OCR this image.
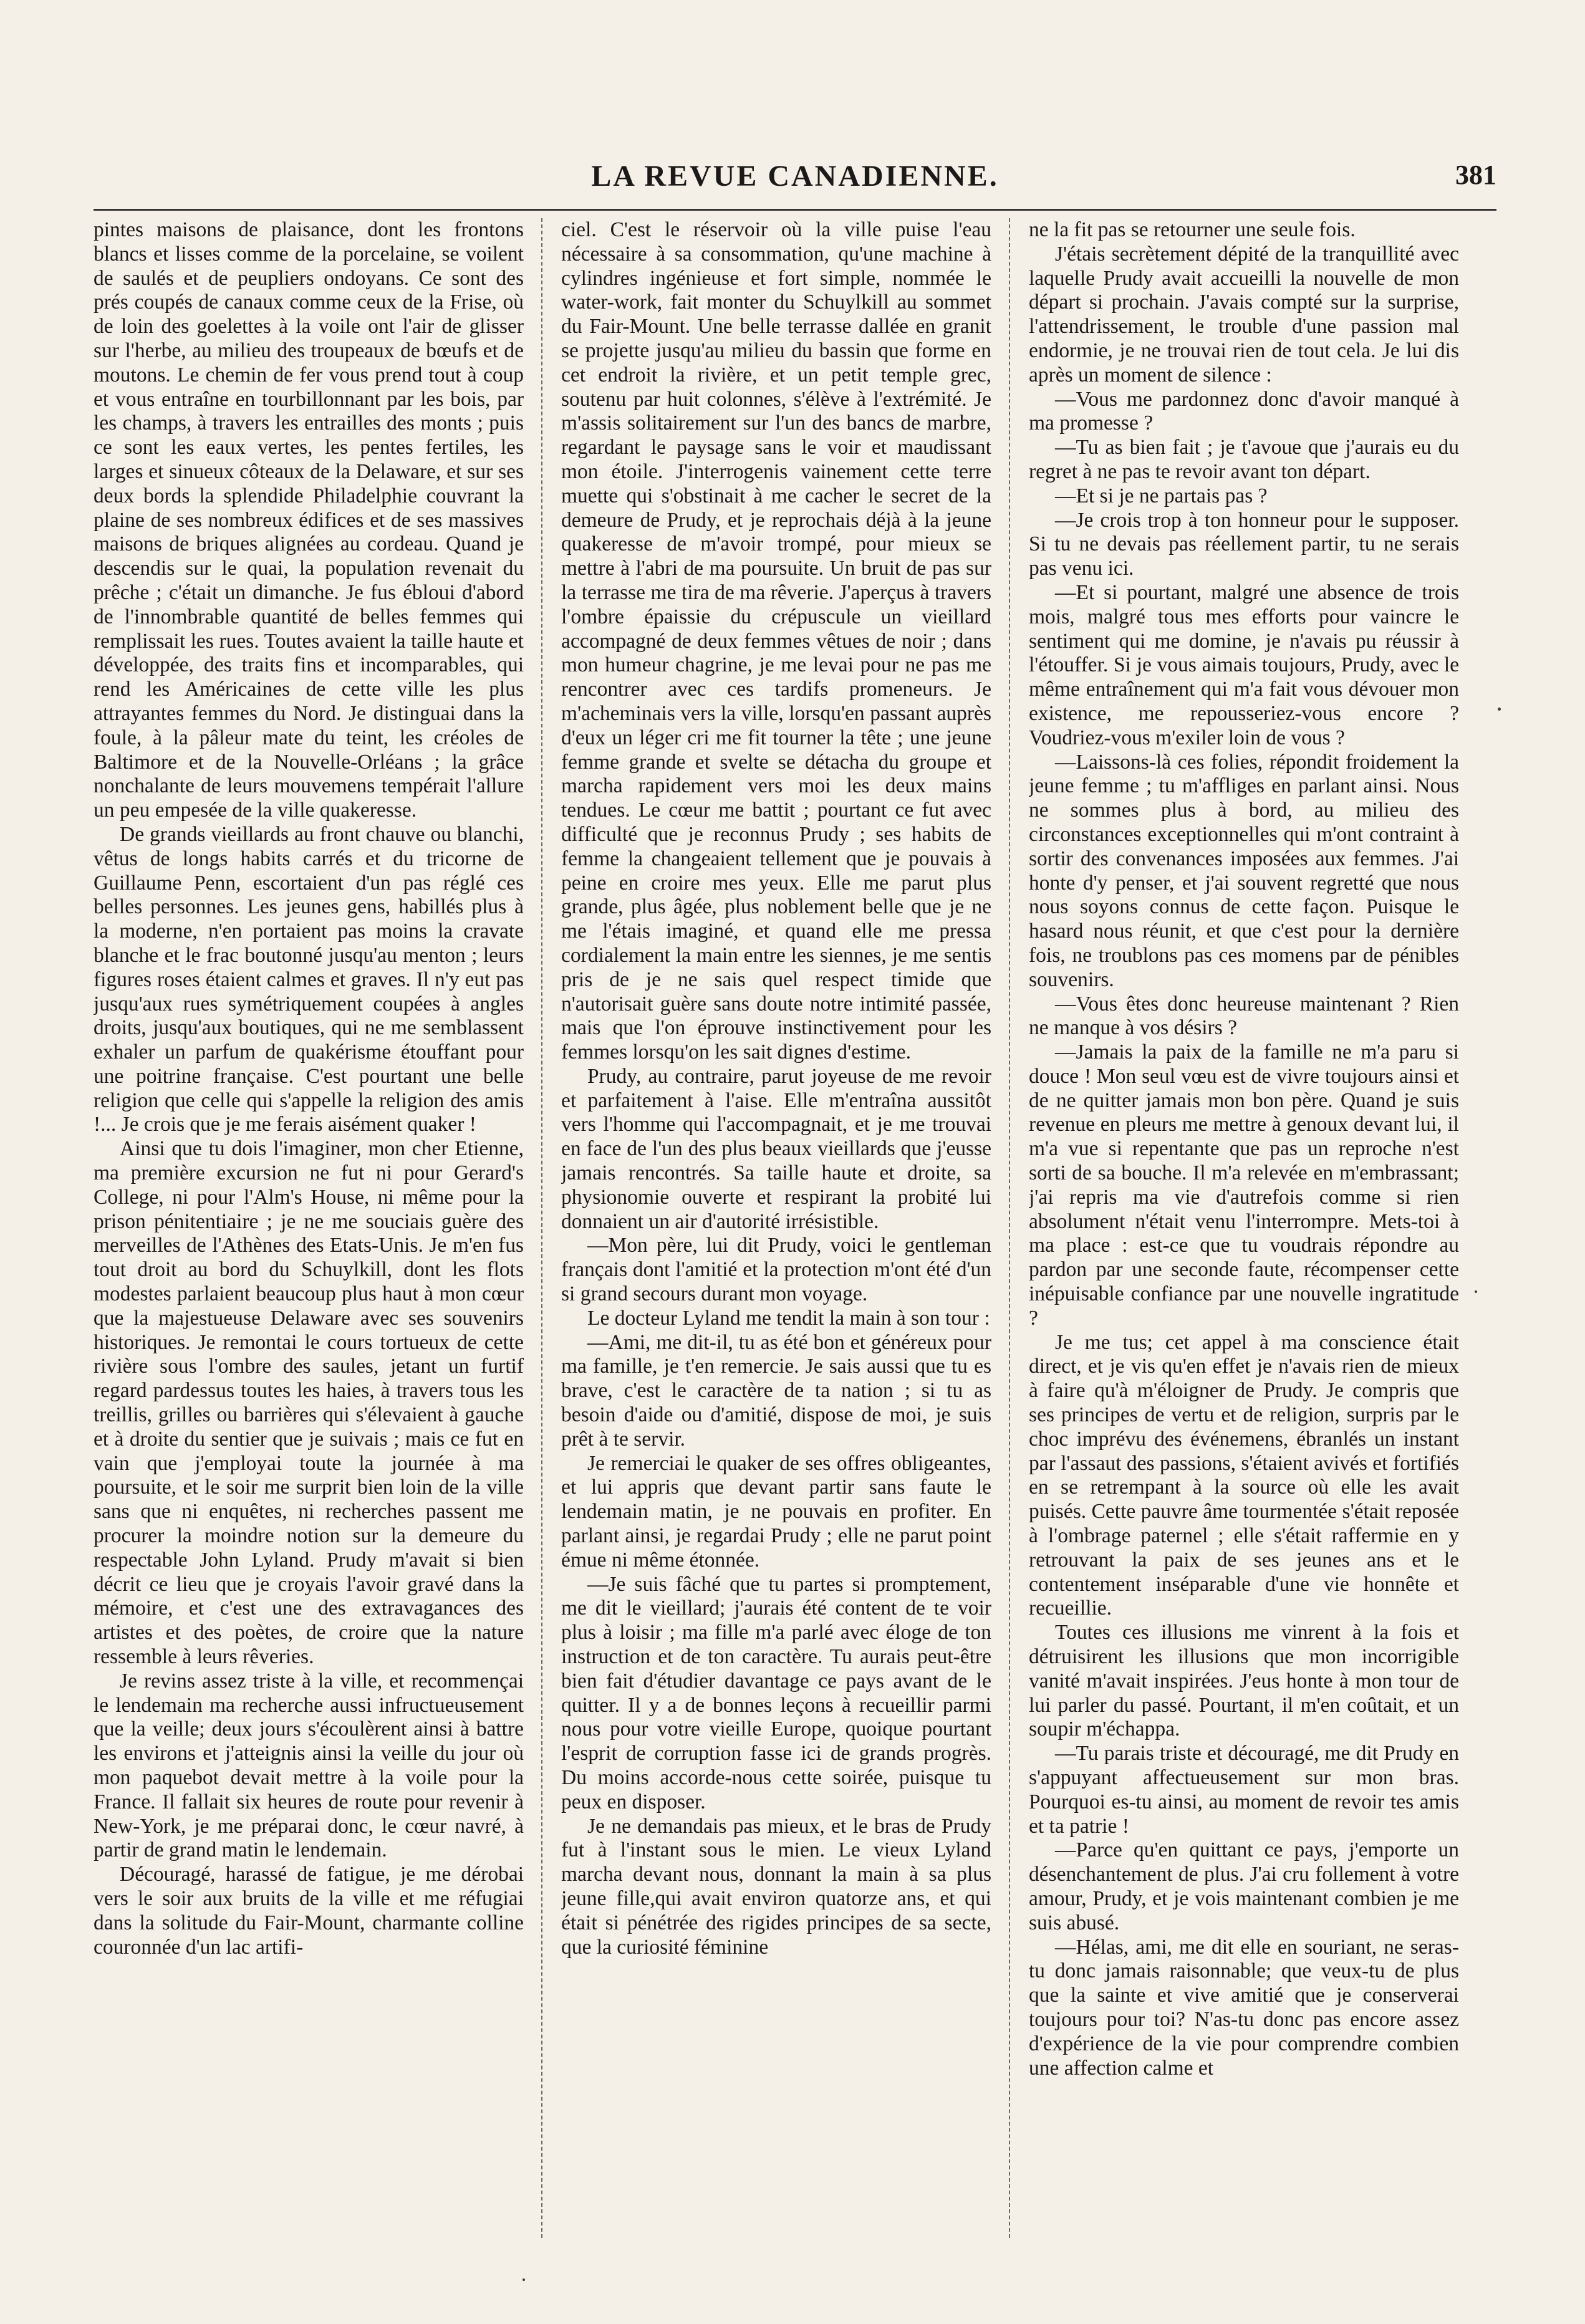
LA REVUE CANADIENNE.	381

pintes maisons de plaisance, dont les frontons blancs et lisses comme de la porcelaine, se voilent de saulés et de peupliers ondoyans. Ce sont des prés coupés de canaux comme ceux de la Frise, où de loin des goelettes à la voile ont l'air de glisser sur l'herbe, au milieu des troupeaux de bœufs et de moutons. Le chemin de fer vous prend tout à coup et vous entraîne en tourbillonnant par les bois, par les champs, à travers les entrailles des monts ; puis ce sont les eaux vertes, les pentes fertiles, les larges et sinueux côteaux de la Delaware, et sur ses deux bords la splendide Philadelphie couvrant la plaine de ses nombreux édifices et de ses massives maisons de briques alignées au cordeau. Quand je descendis sur le quai, la population revenait du prêche ; c'était un dimanche. Je fus ébloui d'abord de l'innombrable quantité de belles femmes qui remplissait les rues. Toutes avaient la taille haute et développée, des traits fins et incomparables, qui rend les Américaines de cette ville les plus attrayantes femmes du Nord. Je distinguai dans la foule, à la pâleur mate du teint, les créoles de Baltimore et de la Nouvelle-Orléans ; la grâce nonchalante de leurs mouvemens tempérait l'allure un peu empesée de la ville quakeresse.

De grands vieillards au front chauve ou blanchi, vêtus de longs habits carrés et du tricorne de Guillaume Penn, escortaient d'un pas réglé ces belles personnes. Les jeunes gens, habillés plus à la moderne, n'en portaient pas moins la cravate blanche et le frac boutonné jusqu'au menton ; leurs figures roses étaient calmes et graves. Il n'y eut pas jusqu'aux rues symétriquement coupées à angles droits, jusqu'aux boutiques, qui ne me semblassent exhaler un parfum de quakérisme étouffant pour une poitrine française. C'est pourtant une belle religion que celle qui s'appelle la religion des amis !... Je crois que je me ferais aisément quaker !

Ainsi que tu dois l'imaginer, mon cher Etienne, ma première excursion ne fut ni pour Gerard's College, ni pour l'Alm's House, ni même pour la prison pénitentiaire ; je ne me souciais guère des merveilles de l'Athènes des Etats-Unis. Je m'en fus tout droit au bord du Schuylkill, dont les flots modestes parlaient beaucoup plus haut à mon cœur que la majestueuse Delaware avec ses souvenirs historiques. Je remontai le cours tortueux de cette rivière sous l'ombre des saules, jetant un furtif regard pardessus toutes les haies, à travers tous les treillis, grilles ou barrières qui s'élevaient à gauche et à droite du sentier que je suivais ; mais ce fut en vain que j'employai toute la journée à ma poursuite, et le soir me surprit bien loin de la ville sans que ni enquêtes, ni recherches passent me procurer la moindre notion sur la demeure du respectable John Lyland. Prudy m'avait si bien décrit ce lieu que je croyais l'avoir gravé dans la mémoire, et c'est une des extravagances des artistes et des poètes, de croire que la nature ressemble à leurs rêveries.

Je revins assez triste à la ville, et recommençai le lendemain ma recherche aussi infructueusement que la veille; deux jours s'écoulèrent ainsi à battre les environs et j'atteignis ainsi la veille du jour où mon paquebot devait mettre à la voile pour la France. Il fallait six heures de route pour revenir à New-York, je me préparai donc, le cœur navré, à partir de grand matin le lendemain.

Découragé, harassé de fatigue, je me dérobai vers le soir aux bruits de la ville et me réfugiai dans la solitude du Fair-Mount, charmante colline couronnée d'un lac artifi-

ciel. C'est le réservoir où la ville puise l'eau nécessaire à sa consommation, qu'une machine à cylindres ingénieuse et fort simple, nommée le water-work, fait monter du Schuylkill au sommet du Fair-Mount. Une belle terrasse dallée en granit se projette jusqu'au milieu du bassin que forme en cet endroit la rivière, et un petit temple grec, soutenu par huit colonnes, s'élève à l'extrémité. Je m'assis solitairement sur l'un des bancs de marbre, regardant le paysage sans le voir et maudissant mon étoile. J'interrogenis vainement cette terre muette qui s'obstinait à me cacher le secret de la demeure de Prudy, et je reprochais déjà à la jeune quakeresse de m'avoir trompé, pour mieux se mettre à l'abri de ma poursuite. Un bruit de pas sur la terrasse me tira de ma rêverie. J'aperçus à travers l'ombre épaissie du crépuscule un vieillard accompagné de deux femmes vêtues de noir ; dans mon humeur chagrine, je me levai pour ne pas me rencontrer avec ces tardifs promeneurs. Je m'acheminais vers la ville, lorsqu'en passant auprès d'eux un léger cri me fit tourner la tête ; une jeune femme grande et svelte se détacha du groupe et marcha rapidement vers moi les deux mains tendues. Le cœur me battit ; pourtant ce fut avec difficulté que je reconnus Prudy ; ses habits de femme la changeaient tellement que je pouvais à peine en croire mes yeux. Elle me parut plus grande, plus âgée, plus noblement belle que je ne me l'étais imaginé, et quand elle me pressa cordialement la main entre les siennes, je me sentis pris de je ne sais quel respect timide que n'autorisait guère sans doute notre intimité passée, mais que l'on éprouve instinctivement pour les femmes lorsqu'on les sait dignes d'estime.

Prudy, au contraire, parut joyeuse de me revoir et parfaitement à l'aise. Elle m'entraîna aussitôt vers l'homme qui l'accompagnait, et je me trouvai en face de l'un des plus beaux vieillards que j'eusse jamais rencontrés. Sa taille haute et droite, sa physionomie ouverte et respirant la probité lui donnaient un air d'autorité irrésistible.

—Mon père, lui dit Prudy, voici le gentleman français dont l'amitié et la protection m'ont été d'un si grand secours durant mon voyage.

Le docteur Lyland me tendit la main à son tour :

—Ami, me dit-il, tu as été bon et généreux pour ma famille, je t'en remercie. Je sais aussi que tu es brave, c'est le caractère de ta nation ; si tu as besoin d'aide ou d'amitié, dispose de moi, je suis prêt à te servir.

Je remerciai le quaker de ses offres obligeantes, et lui appris que devant partir sans faute le lendemain matin, je ne pouvais en profiter. En parlant ainsi, je regardai Prudy ; elle ne parut point émue ni même étonnée.

—Je suis fâché que tu partes si promptement, me dit le vieillard; j'aurais été content de te voir plus à loisir ; ma fille m'a parlé avec éloge de ton instruction et de ton caractère. Tu aurais peut-être bien fait d'étudier davantage ce pays avant de le quitter. Il y a de bonnes leçons à recueillir parmi nous pour votre vieille Europe, quoique pourtant l'esprit de corruption fasse ici de grands progrès. Du moins accorde-nous cette soirée, puisque tu peux en disposer.

Je ne demandais pas mieux, et le bras de Prudy fut à l'instant sous le mien. Le vieux Lyland marcha devant nous, donnant la main à sa plus jeune fille,qui avait environ quatorze ans, et qui était si pénétrée des rigides principes de sa secte, que la curiosité féminine

ne la fit pas se retourner une seule fois.

J'étais secrètement dépité de la tranquillité avec laquelle Prudy avait accueilli la nouvelle de mon départ si prochain. J'avais compté sur la surprise, l'attendrissement, le trouble d'une passion mal endormie, je ne trouvai rien de tout cela. Je lui dis après un moment de silence :

—Vous me pardonnez donc d'avoir manqué à ma promesse ?

—Tu as bien fait ; je t'avoue que j'aurais eu du regret à ne pas te revoir avant ton départ.

—Et si je ne partais pas ?

—Je crois trop à ton honneur pour le supposer. Si tu ne devais pas réellement partir, tu ne serais pas venu ici.

—Et si pourtant, malgré une absence de trois mois, malgré tous mes efforts pour vaincre le sentiment qui me domine, je n'avais pu réussir à l'étouffer. Si je vous aimais toujours, Prudy, avec le même entraînement qui m'a fait vous dévouer mon existence, me repousseriez-vous encore ? Voudriez-vous m'exiler loin de vous ?

—Laissons-là ces folies, répondit froidement la jeune femme ; tu m'affliges en parlant ainsi. Nous ne sommes plus à bord, au milieu des circonstances exceptionnelles qui m'ont contraint à sortir des convenances imposées aux femmes. J'ai honte d'y penser, et j'ai souvent regretté que nous nous soyons connus de cette façon. Puisque le hasard nous réunit, et que c'est pour la dernière fois, ne troublons pas ces momens par de pénibles souvenirs.

—Vous êtes donc heureuse maintenant ? Rien ne manque à vos désirs ?

—Jamais la paix de la famille ne m'a paru si douce ! Mon seul vœu est de vivre toujours ainsi et de ne quitter jamais mon bon père. Quand je suis revenue en pleurs me mettre à genoux devant lui, il m'a vue si repentante que pas un reproche n'est sorti de sa bouche. Il m'a relevée en m'embrassant; j'ai repris ma vie d'autrefois comme si rien absolument n'était venu l'interrompre. Mets-toi à ma place : est-ce que tu voudrais répondre au pardon par une seconde faute, récompenser cette inépuisable confiance par une nouvelle ingratitude ?

Je me tus; cet appel à ma conscience était direct, et je vis qu'en effet je n'avais rien de mieux à faire qu'à m'éloigner de Prudy. Je compris que ses principes de vertu et de religion, surpris par le choc imprévu des événemens, ébranlés un instant par l'assaut des passions, s'étaient avivés et fortifiés en se retrempant à la source où elle les avait puisés. Cette pauvre âme tourmentée s'était reposée à l'ombrage paternel ; elle s'était raffermie en y retrouvant la paix de ses jeunes ans et le contentement inséparable d'une vie honnête et recueillie.

Toutes ces illusions me vinrent à la fois et détruisirent les illusions que mon incorrigible vanité m'avait inspirées. J'eus honte à mon tour de lui parler du passé. Pourtant, il m'en coûtait, et un soupir m'échappa.

—Tu parais triste et découragé, me dit Prudy en s'appuyant affectueusement sur mon bras. Pourquoi es-tu ainsi, au moment de revoir tes amis et ta patrie !

—Parce qu'en quittant ce pays, j'emporte un désenchantement de plus. J'ai cru follement à votre amour, Prudy, et je vois maintenant combien je me suis abusé.

—Hélas, ami, me dit elle en souriant, ne seras-tu donc jamais raisonnable; que veux-tu de plus que la sainte et vive amitié que je conserverai toujours pour toi? N'as-tu donc pas encore assez d'expérience de la vie pour comprendre combien une affection calme et
